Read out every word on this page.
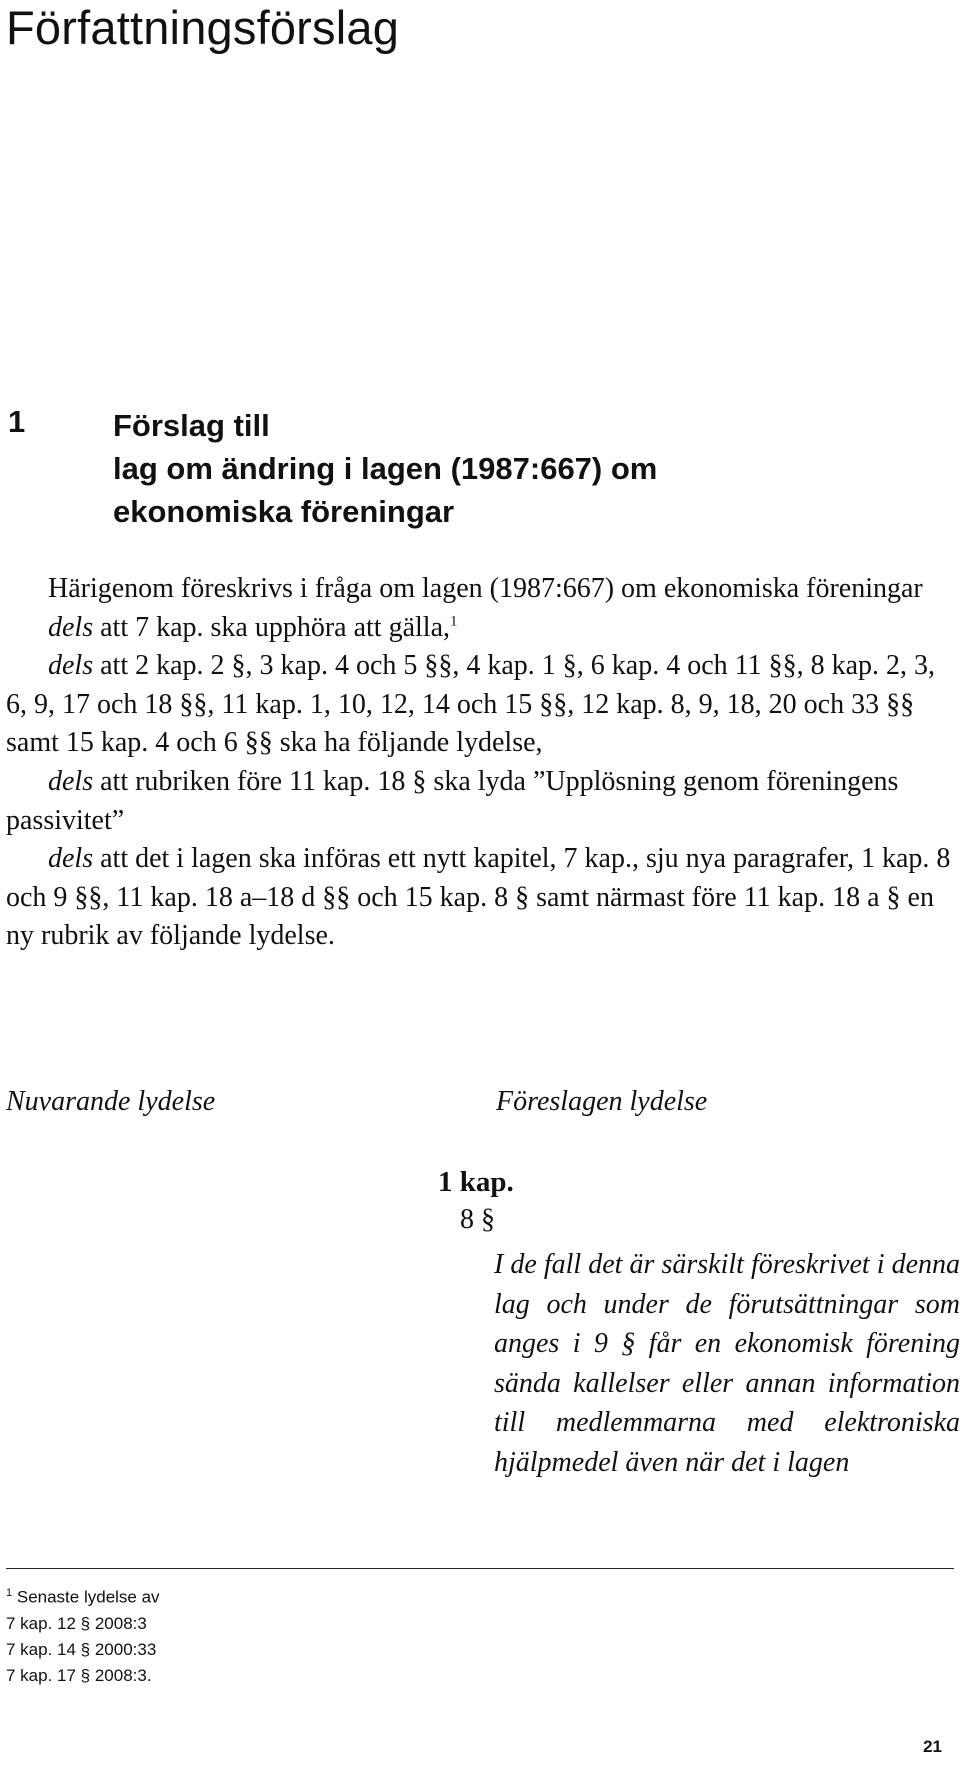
Författningsförslag
1	Förslag till
lag om ändring i lagen (1987:667) om
ekonomiska föreningar

Härigenom föreskrivs i fråga om lagen (1987:667) om ekonomiska föreningar

dels att 7 kap. ska upphöra att gälla,$^1$

dels att 2 kap. 2 §, 3 kap. 4 och 5 §§, 4 kap. 1 §, 6 kap. 4 och 11 §§, 8 kap. 2, 3, 6, 9, 17 och 18 §§, 11 kap. 1, 10, 12, 14 och 15 §§, 12 kap. 8, 9, 18, 20 och 33 §§ samt 15 kap. 4 och 6 §§ ska ha följande lydelse,

dels att rubriken före 11 kap. 18 § ska lyda ”Upplösning genom föreningens passivitet”

dels att det i lagen ska införas ett nytt kapitel, 7 kap., sju nya paragrafer, 1 kap. 8 och 9 §§, 11 kap. 18 a–18 d §§ och 15 kap. 8 § samt närmast före 11 kap. 18 a § en ny rubrik av följande lydelse.

Nuvarande lydelse	Föreslagen lydelse
1 kap.
8 §
I de fall det är särskilt föreskrivet i denna lag och under de förutsättningar som anges i 9 § får en ekonomisk förening sända kallelser eller annan information till medlemmarna med elektroniska hjälpmedel även när det i lagen
$^1$ Senaste lydelse av
7 kap. 12 § 2008:3
7 kap. 14 § 2000:33
7 kap. 17 § 2008:3.
21
